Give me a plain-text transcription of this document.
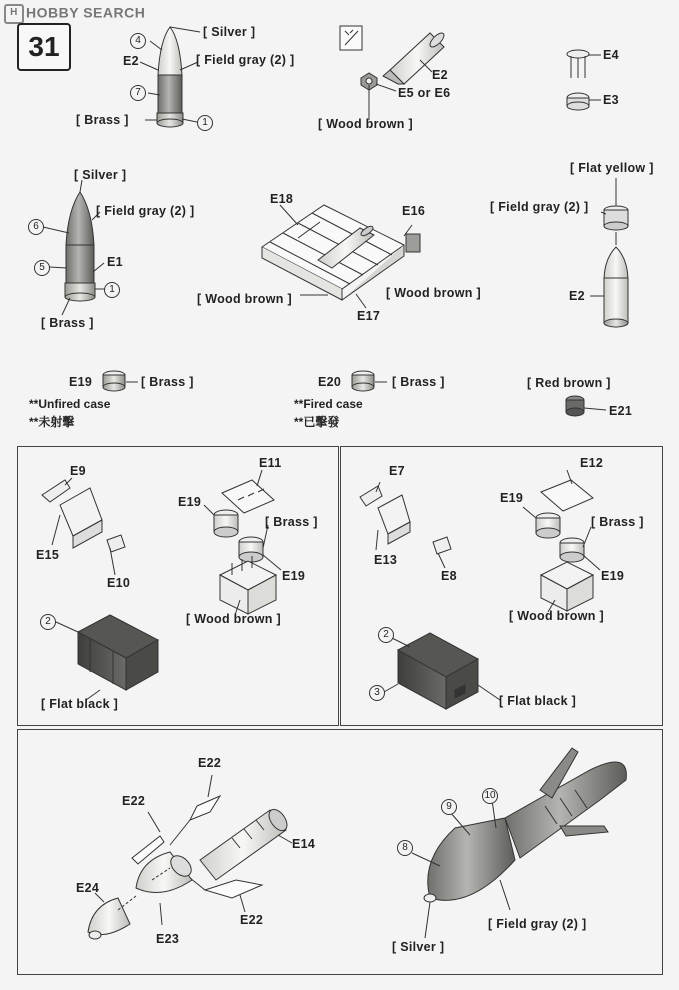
H HOBBY SEARCH
31	[ Silver ]
E2	[ Field gray (2) ]
[ Brass ]
4
7
1
E2
E5 or E6
[ Wood brown ]
E4
E3
[ Silver ]
[ Field gray (2) ]
E1
[ Brass ]
6
5
1
E18
E16
[ Wood brown ]	[ Wood brown ]
E17
[ Flat yellow ]
[ Field gray (2) ]
E2
E19	[ Brass ]
**Unfired case
**未射擊
E20	[ Brass ]
**Fired case
**已擊發
[ Red brown ]
E21
E9
E15
E10
E11
E19
[ Brass ]
E19
[ Wood brown ]
2
[ Flat black ]
E7
E13
E8
E12
E19
[ Brass ]
E19
[ Wood brown ]
2
3
[ Flat black ]
E22
E22
E14
E24
E22
E23
9
10
8
[ Field gray (2) ]
[ Silver ]
